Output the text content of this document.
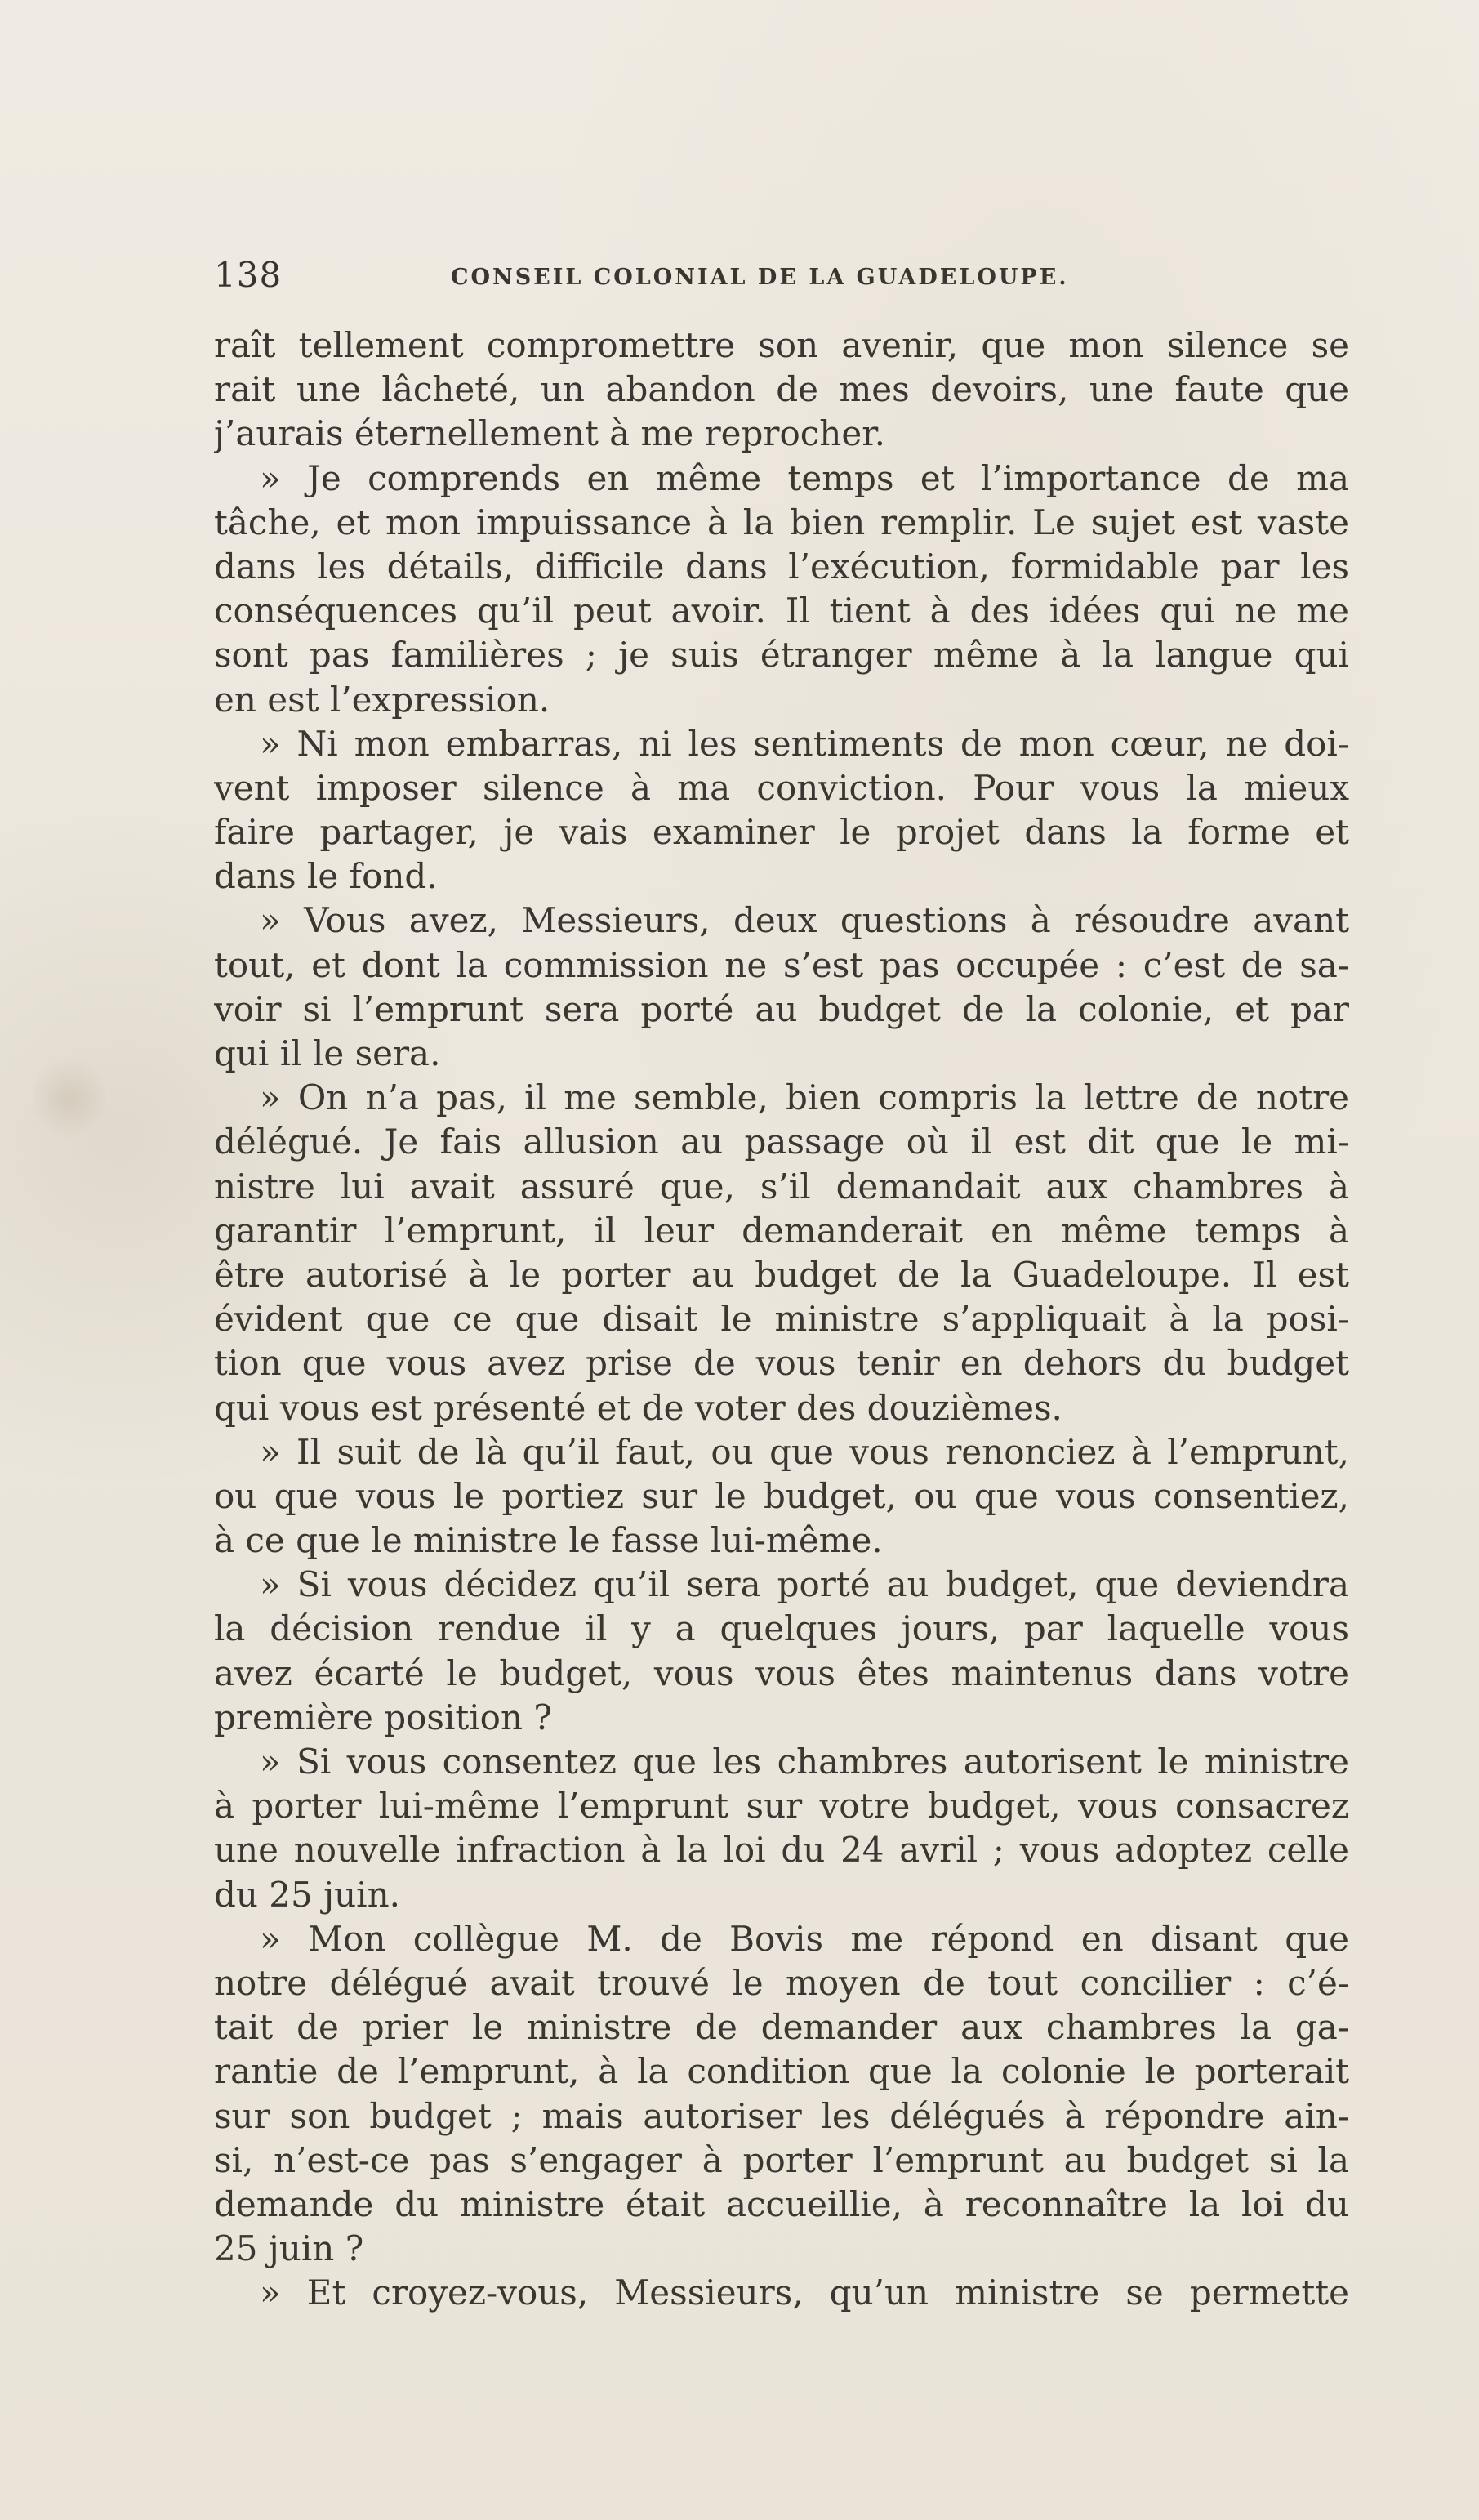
138	CONSEIL COLONIAL DE LA GUADELOUPE.
raît tellement compromettre son avenir, que mon silence se
rait une lâcheté, un abandon de mes devoirs, une faute que
j’aurais éternellement à me reprocher.
» Je comprends en même temps et l’importance de ma
tâche, et mon impuissance à la bien remplir. Le sujet est vaste
dans les détails, difficile dans l’exécution, formidable par les
conséquences qu’il peut avoir. Il tient à des idées qui ne me
sont pas familières ; je suis étranger même à la langue qui
en est l’expression.
» Ni mon embarras, ni les sentiments de mon cœur, ne doi-
vent imposer silence à ma conviction. Pour vous la mieux
faire partager, je vais examiner le projet dans la forme et
dans le fond.
» Vous avez, Messieurs, deux questions à résoudre avant
tout, et dont la commission ne s’est pas occupée : c’est de sa-
voir si l’emprunt sera porté au budget de la colonie, et par
qui il le sera.
» On n’a pas, il me semble, bien compris la lettre de notre
délégué. Je fais allusion au passage où il est dit que le mi-
nistre lui avait assuré que, s’il demandait aux chambres à
garantir l’emprunt, il leur demanderait en même temps à
être autorisé à le porter au budget de la Guadeloupe. Il est
évident que ce que disait le ministre s’appliquait à la posi-
tion que vous avez prise de vous tenir en dehors du budget
qui vous est présenté et de voter des douzièmes.
» Il suit de là qu’il faut, ou que vous renonciez à l’emprunt,
ou que vous le portiez sur le budget, ou que vous consentiez,
à ce que le ministre le fasse lui-même.
» Si vous décidez qu’il sera porté au budget, que deviendra
la décision rendue il y a quelques jours, par laquelle vous
avez écarté le budget, vous vous êtes maintenus dans votre
première position ?
» Si vous consentez que les chambres autorisent le ministre
à porter lui-même l’emprunt sur votre budget, vous consacrez
une nouvelle infraction à la loi du 24 avril ; vous adoptez celle
du 25 juin.
» Mon collègue M. de Bovis me répond en disant que
notre délégué avait trouvé le moyen de tout concilier : c’é-
tait de prier le ministre de demander aux chambres la ga-
rantie de l’emprunt, à la condition que la colonie le porterait
sur son budget ; mais autoriser les délégués à répondre ain-
si, n’est-ce pas s’engager à porter l’emprunt au budget si la
demande du ministre était accueillie, à reconnaître la loi du
25 juin ?
» Et croyez-vous, Messieurs, qu’un ministre se permette
